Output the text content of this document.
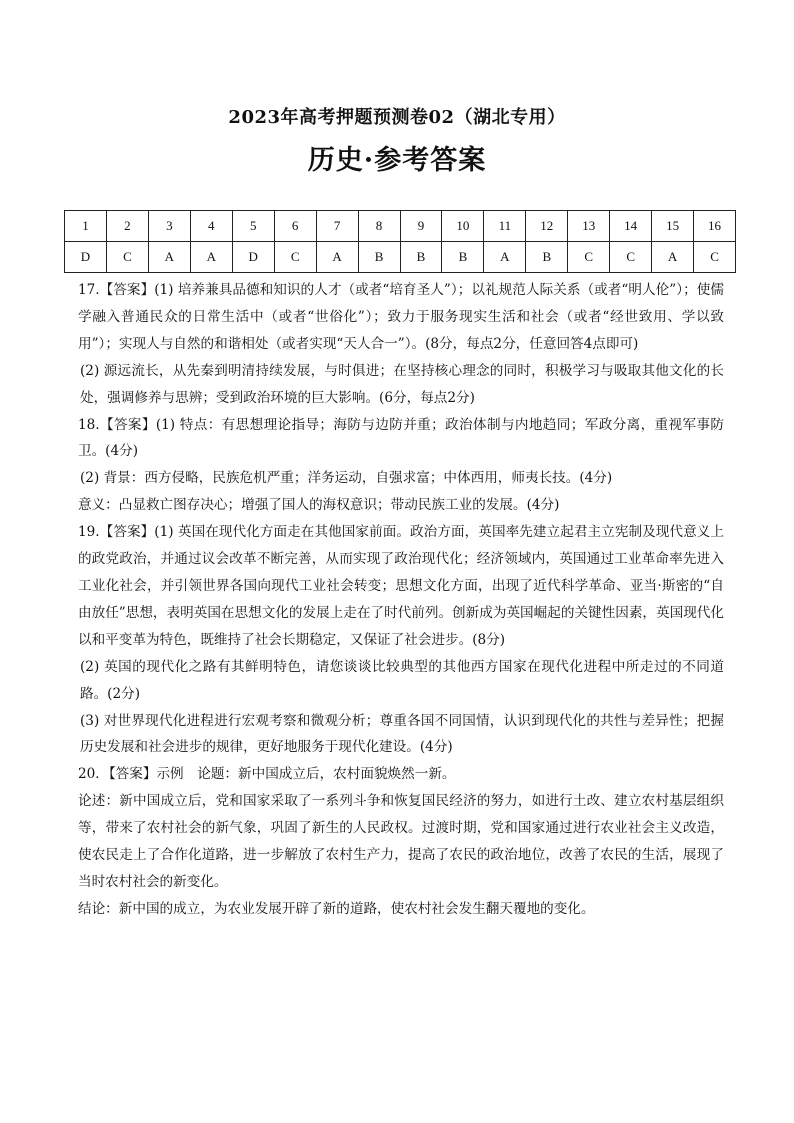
2023年高考押题预测卷02（湖北专用）
历史·参考答案
1	2	3	4	5	6	7	8	9	10	11	12	13	14	15	16
D	C	A	A	D	C	A	B	B	B	A	B	C	C	A	C

17.【答案】(1) 培养兼具品德和知识的人才（或者“培育圣人”）；以礼规范人际关系（或者“明人伦”）；使儒学融入普通民众的日常生活中（或者“世俗化”）；致力于服务现实生活和社会（或者“经世致用、学以致用”）；实现人与自然的和谐相处（或者实现“天人合一”）。(8分，每点2分，任意回答4点即可)

(2) 源远流长，从先秦到明清持续发展，与时俱进；在坚持核心理念的同时，积极学习与吸取其他文化的长处，强调修养与思辨；受到政治环境的巨大影响。(6分，每点2分)

18.【答案】(1) 特点：有思想理论指导；海防与边防并重；政治体制与内地趋同；军政分离，重视军事防卫。(4分)

(2) 背景：西方侵略，民族危机严重；洋务运动，自强求富；中体西用，师夷长技。(4分)

意义：凸显救亡图存决心；增强了国人的海权意识；带动民族工业的发展。(4分)

19.【答案】(1) 英国在现代化方面走在其他国家前面。政治方面，英国率先建立起君主立宪制及现代意义上的政党政治，并通过议会改革不断完善，从而实现了政治现代化；经济领域内，英国通过工业革命率先进入工业化社会，并引领世界各国向现代工业社会转变；思想文化方面，出现了近代科学革命、亚当·斯密的“自由放任”思想，表明英国在思想文化的发展上走在了时代前列。创新成为英国崛起的关键性因素，英国现代化以和平变革为特色，既维持了社会长期稳定，又保证了社会进步。(8分)

(2) 英国的现代化之路有其鲜明特色，请您谈谈比较典型的其他西方国家在现代化进程中所走过的不同道路。(2分)

(3) 对世界现代化进程进行宏观考察和微观分析；尊重各国不同国情，认识到现代化的共性与差异性；把握历史发展和社会进步的规律，更好地服务于现代化建设。(4分)

20．【答案】示例　论题：新中国成立后，农村面貌焕然一新。

论述：新中国成立后，党和国家采取了一系列斗争和恢复国民经济的努力，如进行土改、建立农村基层组织等，带来了农村社会的新气象，巩固了新生的人民政权。过渡时期，党和国家通过进行农业社会主义改造，使农民走上了合作化道路，进一步解放了农村生产力，提高了农民的政治地位，改善了农民的生活，展现了当时农村社会的新变化。

结论：新中国的成立，为农业发展开辟了新的道路，使农村社会发生翻天覆地的变化。
